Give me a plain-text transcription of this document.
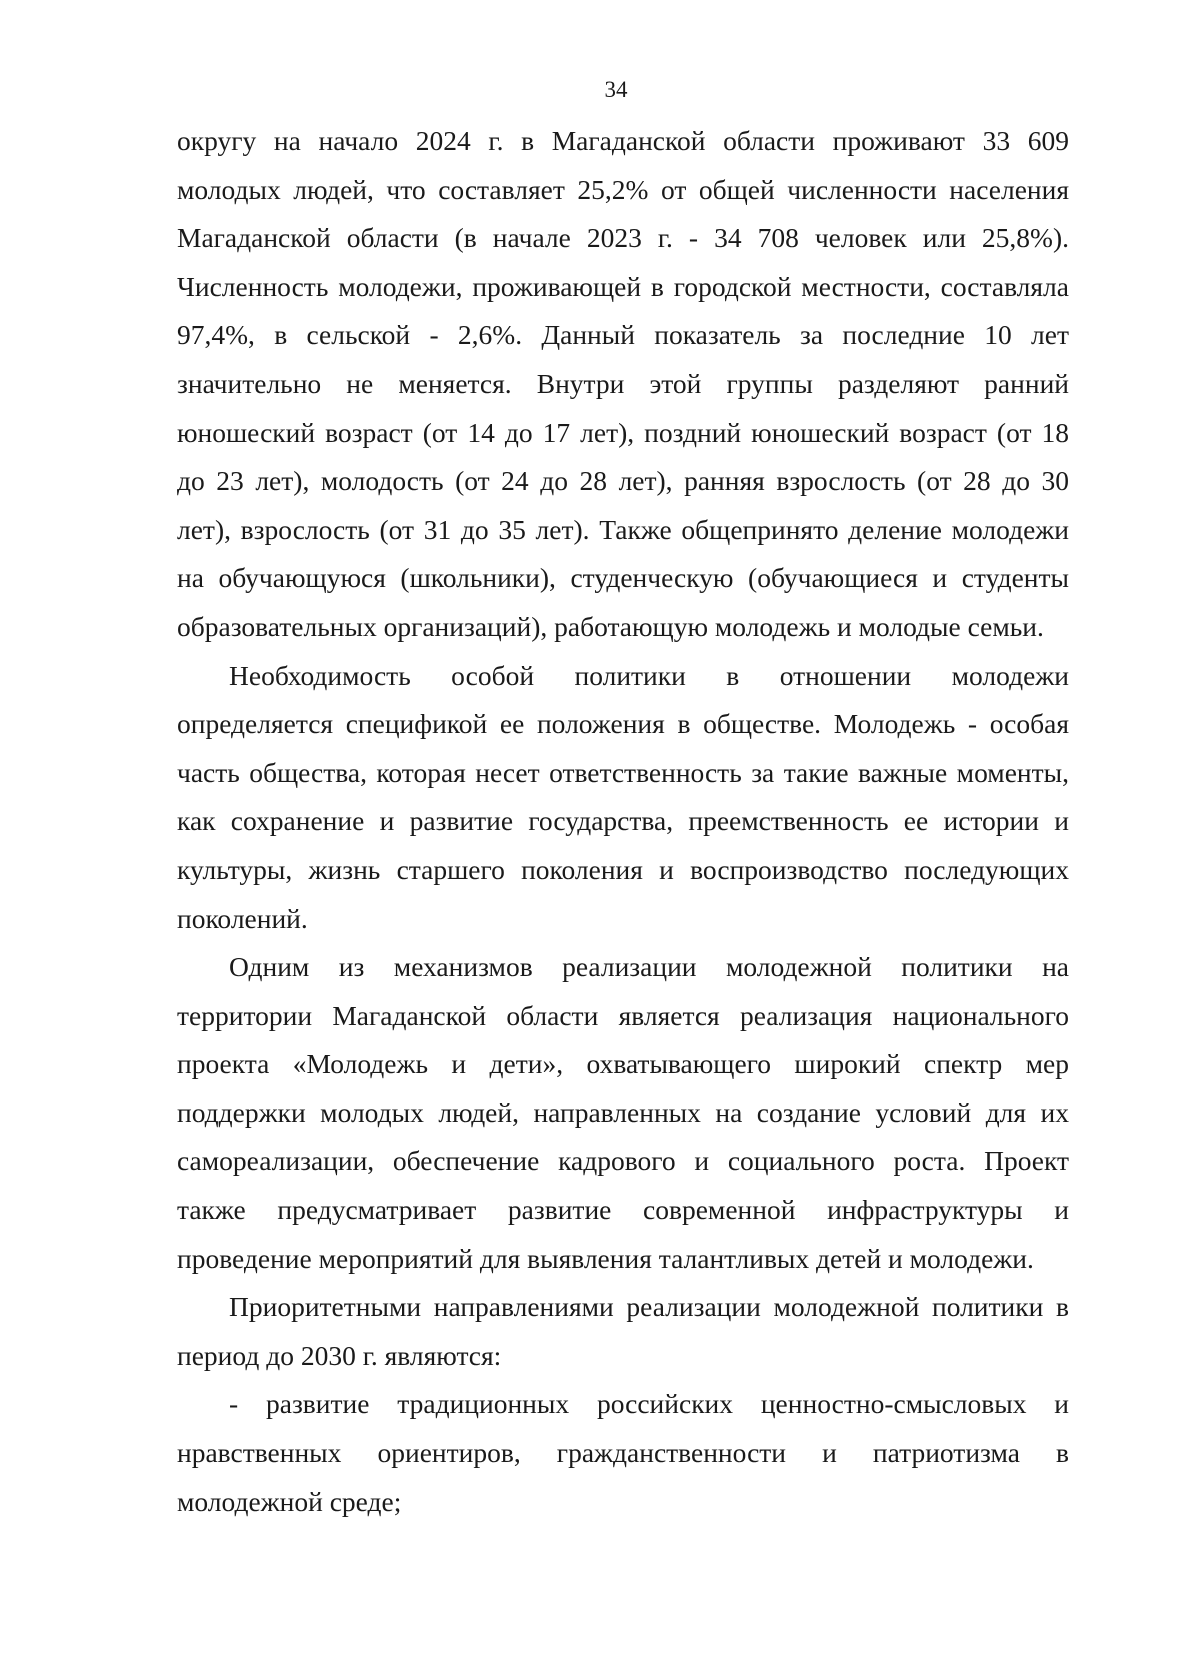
34
округу на начало 2024 г. в Магаданской области проживают 33 609
молодых людей, что составляет 25,2% от общей численности населения
Магаданской области (в начале 2023 г. - 34 708 человек или 25,8%).
Численность молодежи, проживающей в городской местности, составляла
97,4%, в сельской - 2,6%. Данный показатель за последние 10 лет
значительно не меняется. Внутри этой группы разделяют ранний
юношеский возраст (от 14 до 17 лет), поздний юношеский возраст (от 18
до 23 лет), молодость (от 24 до 28 лет), ранняя взрослость (от 28 до 30
лет), взрослость (от 31 до 35 лет). Также общепринято деление молодежи
на обучающуюся (школьники), студенческую (обучающиеся и студенты
образовательных организаций), работающую молодежь и молодые семьи.
Необходимость особой политики в отношении молодежи
определяется спецификой ее положения в обществе. Молодежь - особая
часть общества, которая несет ответственность за такие важные моменты,
как сохранение и развитие государства, преемственность ее истории и
культуры, жизнь старшего поколения и воспроизводство последующих
поколений.
Одним из механизмов реализации молодежной политики на
территории Магаданской области является реализация национального
проекта «Молодежь и дети», охватывающего широкий спектр мер
поддержки молодых людей, направленных на создание условий для их
самореализации, обеспечение кадрового и социального роста. Проект
также предусматривает развитие современной инфраструктуры и
проведение мероприятий для выявления талантливых детей и молодежи.
Приоритетными направлениями реализации молодежной политики в
период до 2030 г. являются:
- развитие традиционных российских ценностно-смысловых и
нравственных ориентиров, гражданственности и патриотизма в
молодежной среде;
